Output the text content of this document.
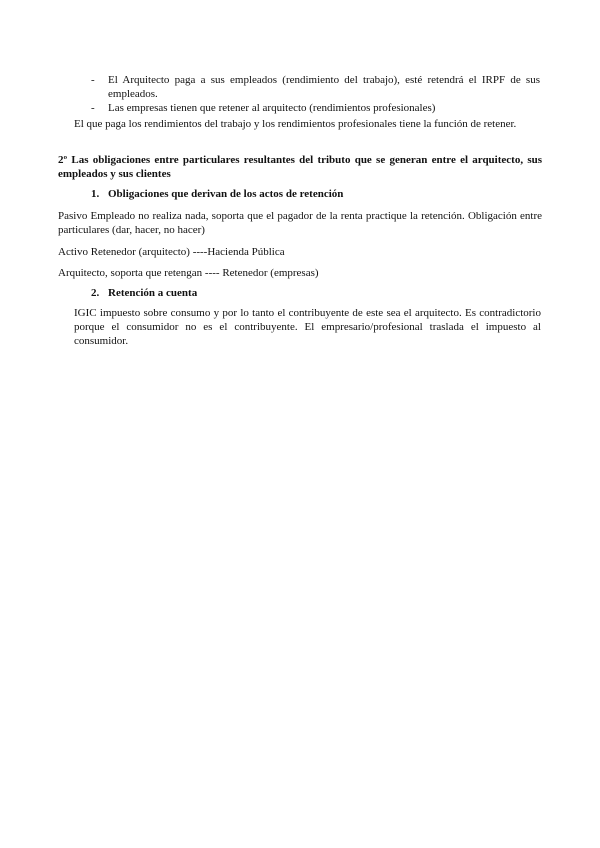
- El Arquitecto paga a sus empleados (rendimiento del trabajo), esté retendrá el IRPF de sus empleados.
- Las empresas tienen que retener al arquitecto (rendimientos profesionales)
El que paga los rendimientos del trabajo y los rendimientos profesionales tiene la función de retener.
2º Las obligaciones entre particulares resultantes del tributo que se generan entre el arquitecto, sus empleados y sus clientes
1. Obligaciones que derivan de los actos de retención
Pasivo Empleado no realiza nada, soporta que el pagador de la renta practique la retención. Obligación entre particulares (dar, hacer, no hacer)
Activo Retenedor (arquitecto) ----Hacienda Pública
Arquitecto, soporta que retengan ---- Retenedor (empresas)
2. Retención a cuenta
IGIC impuesto sobre consumo y por lo tanto el contribuyente de este sea el arquitecto. Es contradictorio porque el consumidor no es el contribuyente. El empresario/profesional traslada el impuesto al consumidor.
